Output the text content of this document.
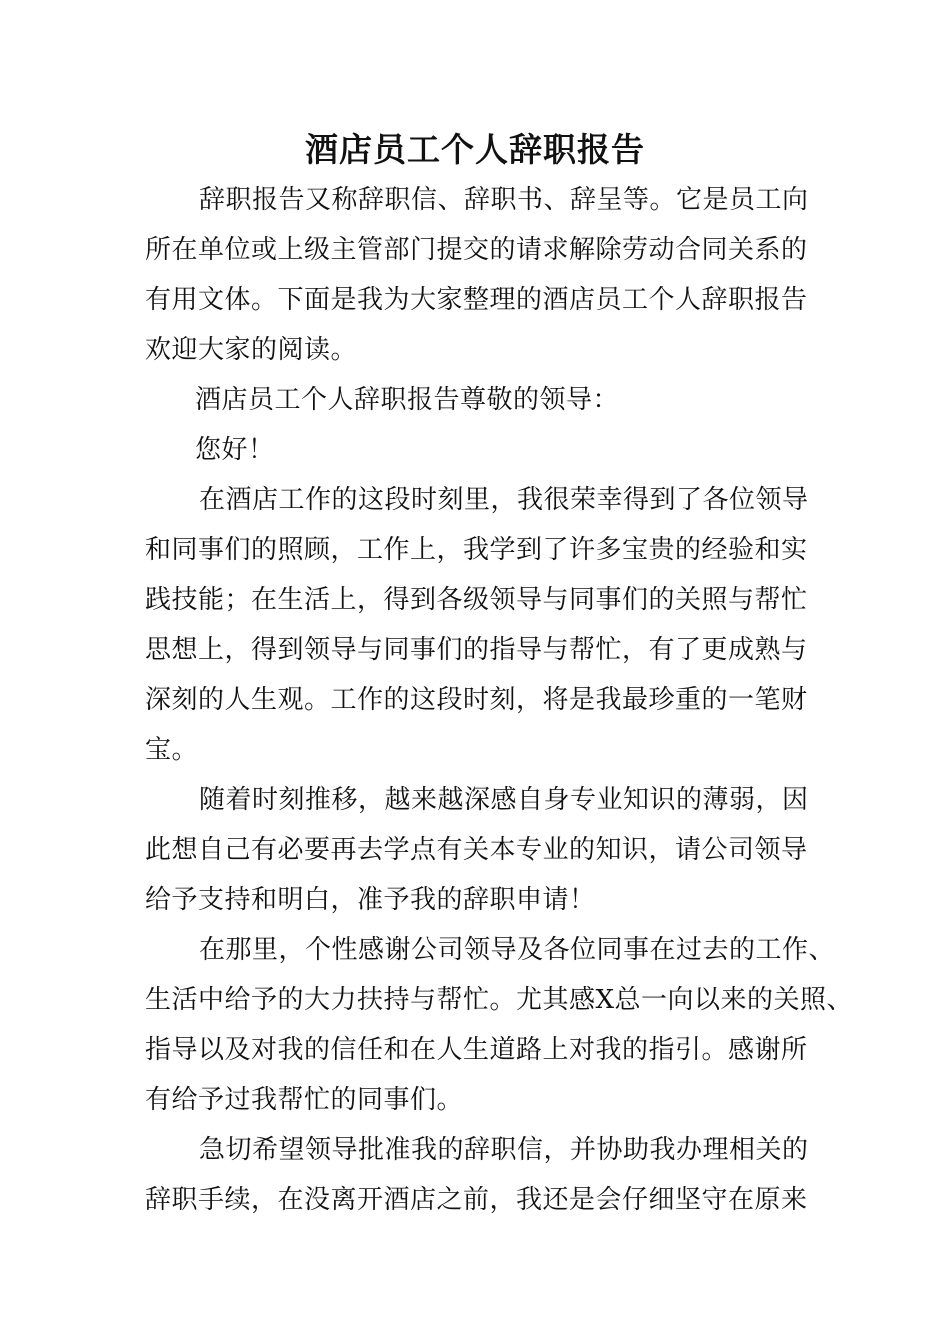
酒店员工个人辞职报告
辞职报告又称辞职信、辞职书、辞呈等。它是员工向
所在单位或上级主管部门提交的请求解除劳动合同关系的
有用文体。下面是我为大家整理的酒店员工个人辞职报告
欢迎大家的阅读。
酒店员工个人辞职报告尊敬的领导：
您好！
在酒店工作的这段时刻里，我很荣幸得到了各位领导
和同事们的照顾，工作上，我学到了许多宝贵的经验和实
践技能；在生活上，得到各级领导与同事们的关照与帮忙
思想上，得到领导与同事们的指导与帮忙，有了更成熟与
深刻的人生观。工作的这段时刻，将是我最珍重的一笔财
宝。
随着时刻推移，越来越深感自身专业知识的薄弱，因
此想自己有必要再去学点有关本专业的知识，请公司领导
给予支持和明白，准予我的辞职申请！
在那里，个性感谢公司领导及各位同事在过去的工作、
生活中给予的大力扶持与帮忙。尤其感X总一向以来的关照、
指导以及对我的信任和在人生道路上对我的指引。感谢所
有给予过我帮忙的同事们。
急切希望领导批准我的辞职信，并协助我办理相关的
辞职手续，在没离开酒店之前，我还是会仔细坚守在原来
